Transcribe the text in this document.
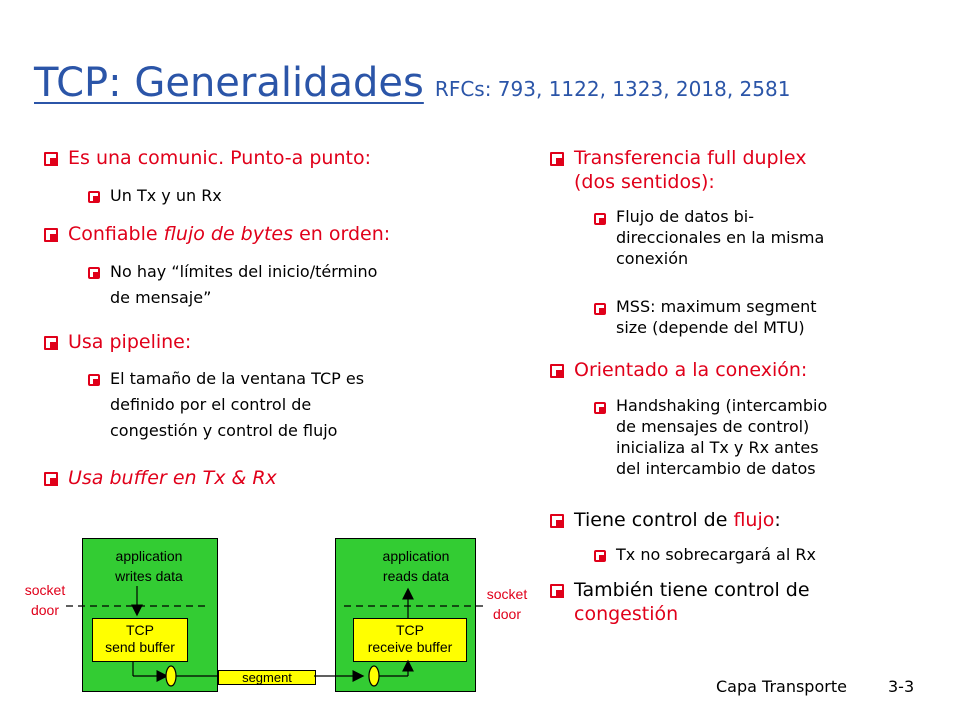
TCP: Generalidades RFCs: 793, 1122, 1323, 2018, 2581
Es una comunic. Punto-a punto:
Un Tx y un Rx
Confiable flujo de bytes en orden:
No hay “límites del inicio/término
de mensaje”
Usa pipeline:
El tamaño de la ventana TCP es
definido por el control de
congestión y control de flujo
Usa buffer en Tx & Rx
Transferencia full duplex
(dos sentidos):
Flujo de datos bi-
direccionales en la misma
conexión
MSS: maximum segment
size (depende del MTU)
Orientado a la conexión:
Handshaking (intercambio
de mensajes de control)
inicializa al Tx y Rx antes
del intercambio de datos
Tiene control de flujo:
Tx no sobrecargará al Rx
También tiene control de
congestión
application
writes data
application
reads data
socket
door
socket
door
TCP
send buffer
TCP
receive buffer
segment	Capa Transporte	3-3
